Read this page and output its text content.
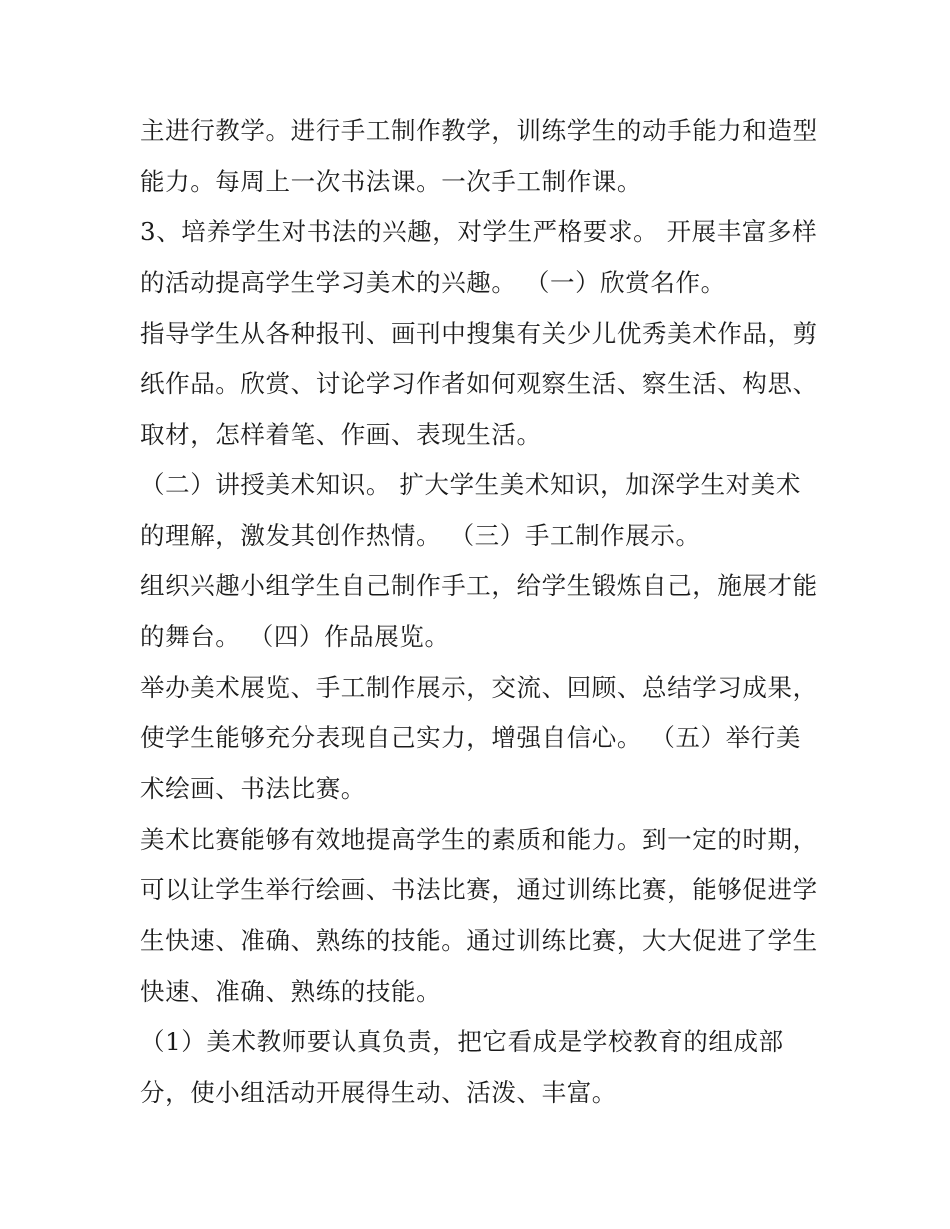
主进行教学。进行手工制作教学，训练学生的动手能力和造型
能力。每周上一次书法课。一次手工制作课。
3、培养学生对书法的兴趣，对学生严格要求。 开展丰富多样
的活动提高学生学习美术的兴趣。 （一）欣赏名作。
指导学生从各种报刊、画刊中搜集有关少儿优秀美术作品，剪
纸作品。欣赏、讨论学习作者如何观察生活、察生活、构思、
取材，怎样着笔、作画、表现生活。
（二）讲授美术知识。 扩大学生美术知识，加深学生对美术
的理解，激发其创作热情。 （三）手工制作展示。
组织兴趣小组学生自己制作手工，给学生锻炼自己，施展才能
的舞台。 （四）作品展览。
举办美术展览、手工制作展示，交流、回顾、总结学习成果，
使学生能够充分表现自己实力，增强自信心。 （五）举行美
术绘画、书法比赛。
美术比赛能够有效地提高学生的素质和能力。到一定的时期，
可以让学生举行绘画、书法比赛，通过训练比赛，能够促进学
生快速、准确、熟练的技能。通过训练比赛，大大促进了学生
快速、准确、熟练的技能。
（1）美术教师要认真负责，把它看成是学校教育的组成部
分，使小组活动开展得生动、活泼、丰富。
